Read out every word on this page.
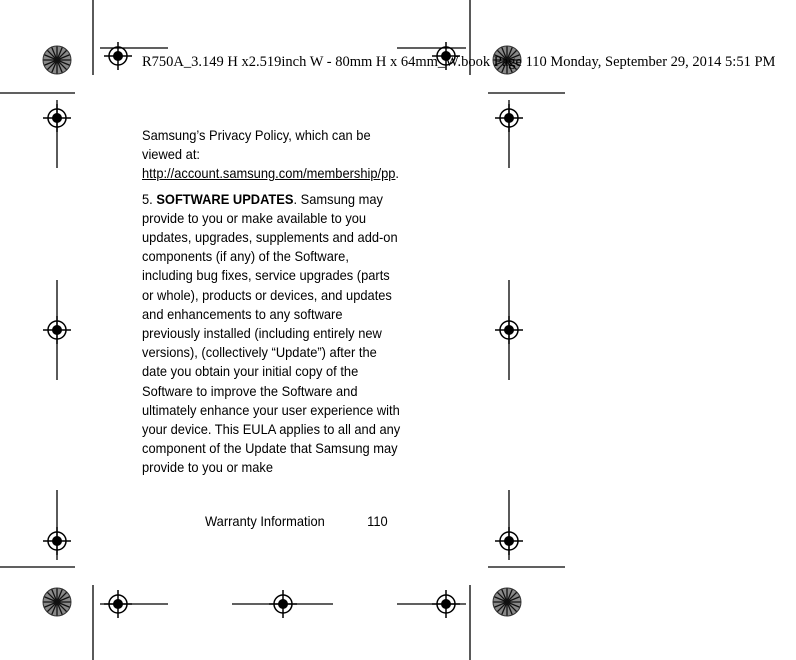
R750A_3.149 H x2.519inch W - 80mm H x 64mm_W.book Page 110 Monday, September 29, 2014 5:51 PM

Samsung’s Privacy Policy, which can be

viewed at:

http://account.samsung.com/membership/pp.

5. SOFTWARE UPDATES. Samsung may provide to you or make available to you updates, upgrades, supplements and add-on components (if any) of the Software, including bug fixes, service upgrades (parts or whole), products or devices, and updates and enhancements to any software previously installed (including entirely new versions), (collectively “Update”) after the date you obtain your initial copy of the Software to improve the Software and ultimately enhance your user experience with your device. This EULA applies to all and any component of the Update that Samsung may provide to you or make

Warranty Information	110
